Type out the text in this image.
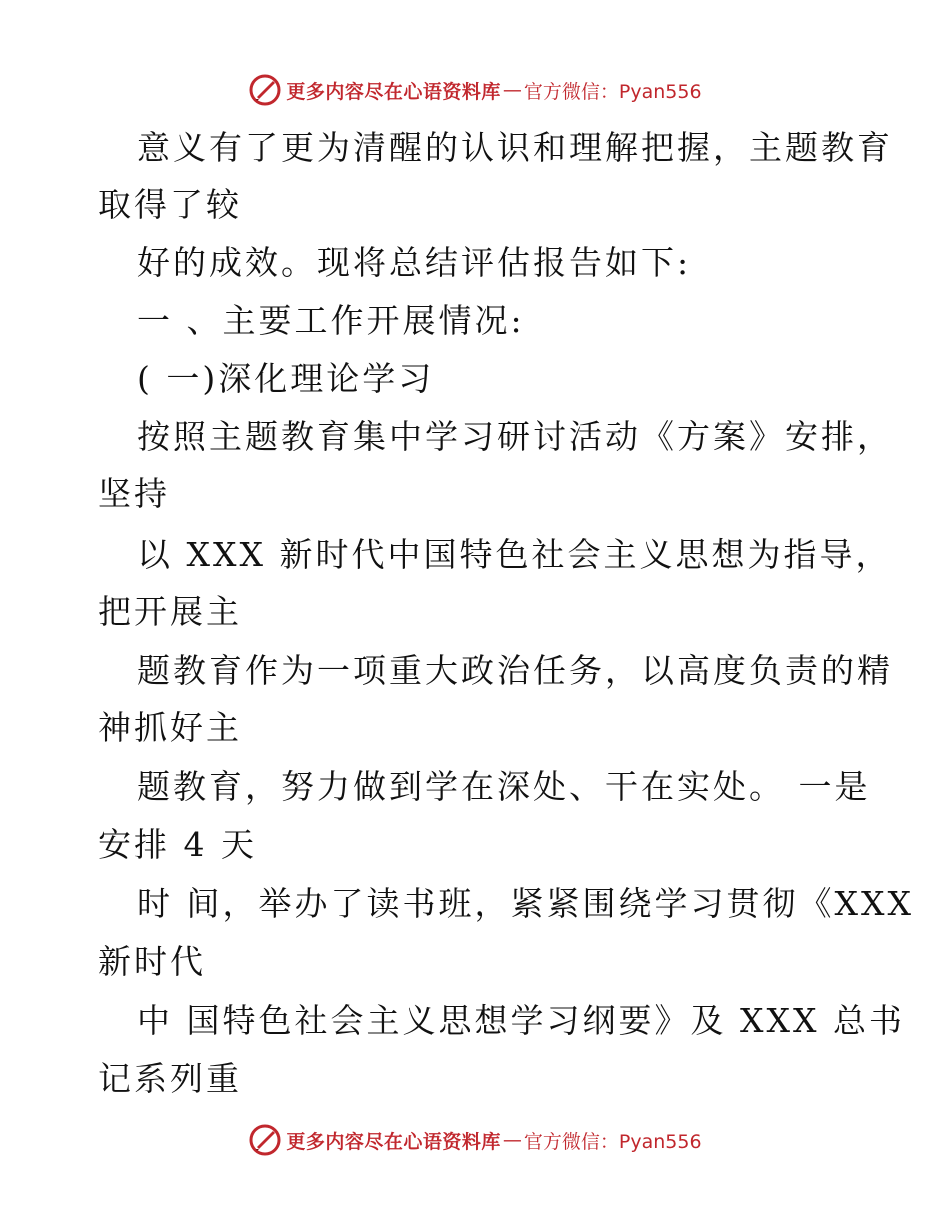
更多内容尽在心语资料库 — 官方微信：Pyan556
意义有了更为清醒的认识和理解把握，主题教育
取得了较
好的成效。现将总结评估报告如下:
一 、主要工作开展情况:
( 一)深化理论学习
按照主题教育集中学习研讨活动《方案》安排，
坚持
以 XXX 新时代中国特色社会主义思想为指导，
把开展主
题教育作为一项重大政治任务，以高度负责的精
神抓好主
题教育，努力做到学在深处、干在实处。 一是
安排 4 天
时 间，举办了读书班，紧紧围绕学习贯彻《XXX
新时代
中 国特色社会主义思想学习纲要》及 XXX 总书
记系列重
更多内容尽在心语资料库 — 官方微信：Pyan556
